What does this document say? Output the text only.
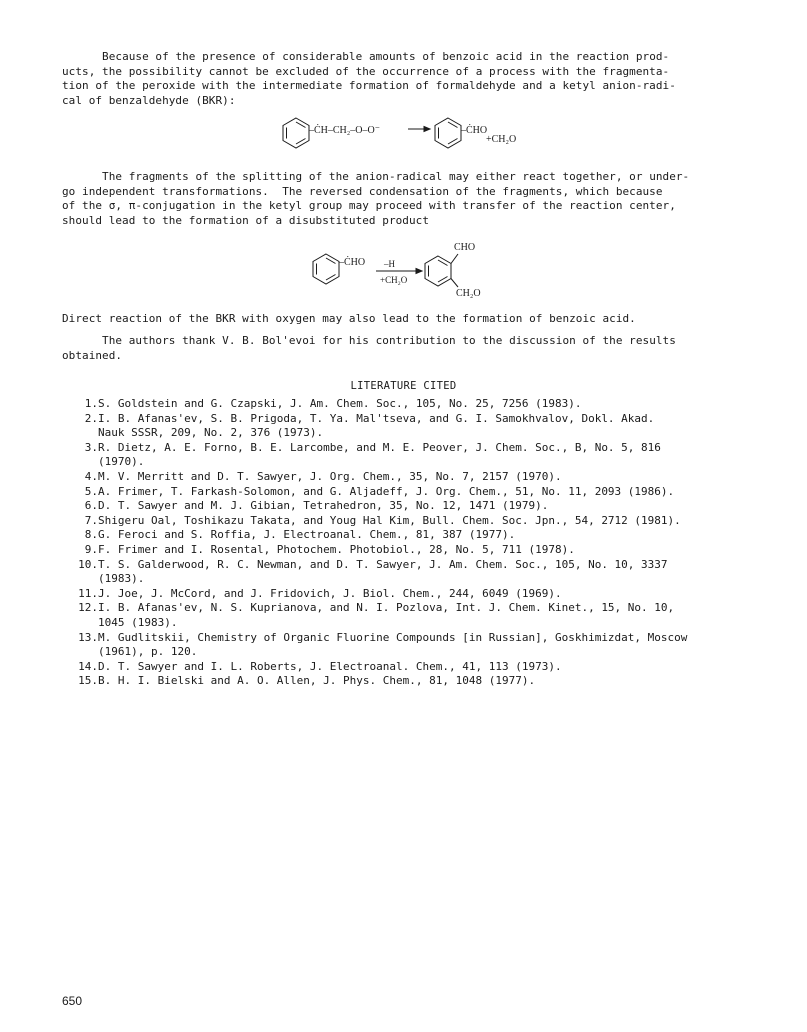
Because of the presence of considerable amounts of benzoic acid in the reaction prod-
ucts, the possibility cannot be excluded of the occurrence of a process with the fragmenta-
tion of the peroxide with the intermediate formation of formaldehyde and a ketyl anion-radi-
cal of benzaldehyde (BKR):

–ĊH–CH₂–O–O⁻	–ĊHO
+CH₂O

The fragments of the splitting of the anion-radical may either react together, or under-
go independent transformations.  The reversed condensation of the fragments, which because
of the σ, π-conjugation in the ketyl group may proceed with transfer of the reaction center,
should lead to the formation of a disubstituted product

–ĊHO –H
+CH₂O
CHO
CH₂O

Direct reaction of the BKR with oxygen may also lead to the formation of benzoic acid.

The authors thank V. B. Bol'evoi for his contribution to the discussion of the results
obtained.

LITERATURE CITED
1. S. Goldstein and G. Czapski, J. Am. Chem. Soc., 105, No. 25, 7256 (1983).
2. I. B. Afanas'ev, S. B. Prigoda, T. Ya. Mal'tseva, and G. I. Samokhvalov, Dokl. Akad.
Nauk SSSR, 209, No. 2, 376 (1973).
3. R. Dietz, A. E. Forno, B. E. Larcombe, and M. E. Peover, J. Chem. Soc., B, No. 5, 816
(1970).
4. M. V. Merritt and D. T. Sawyer, J. Org. Chem., 35, No. 7, 2157 (1970).
5. A. Frimer, T. Farkash-Solomon, and G. Aljadeff, J. Org. Chem., 51, No. 11, 2093 (1986).
6. D. T. Sawyer and M. J. Gibian, Tetrahedron, 35, No. 12, 1471 (1979).
7. Shigeru Oal, Toshikazu Takata, and Youg Hal Kim, Bull. Chem. Soc. Jpn., 54, 2712 (1981).
8. G. Feroci and S. Roffia, J. Electroanal. Chem., 81, 387 (1977).
9. F. Frimer and I. Rosental, Photochem. Photobiol., 28, No. 5, 711 (1978).
10. T. S. Galderwood, R. C. Newman, and D. T. Sawyer, J. Am. Chem. Soc., 105, No. 10, 3337
(1983).
11. J. Joe, J. McCord, and J. Fridovich, J. Biol. Chem., 244, 6049 (1969).
12. I. B. Afanas'ev, N. S. Kuprianova, and N. I. Pozlova, Int. J. Chem. Kinet., 15, No. 10,
1045 (1983).
13. M. Gudlitskii, Chemistry of Organic Fluorine Compounds [in Russian], Goskhimizdat, Moscow
(1961), p. 120.
14. D. T. Sawyer and I. L. Roberts, J. Electroanal. Chem., 41, 113 (1973).
15. B. H. I. Bielski and A. O. Allen, J. Phys. Chem., 81, 1048 (1977).
650
